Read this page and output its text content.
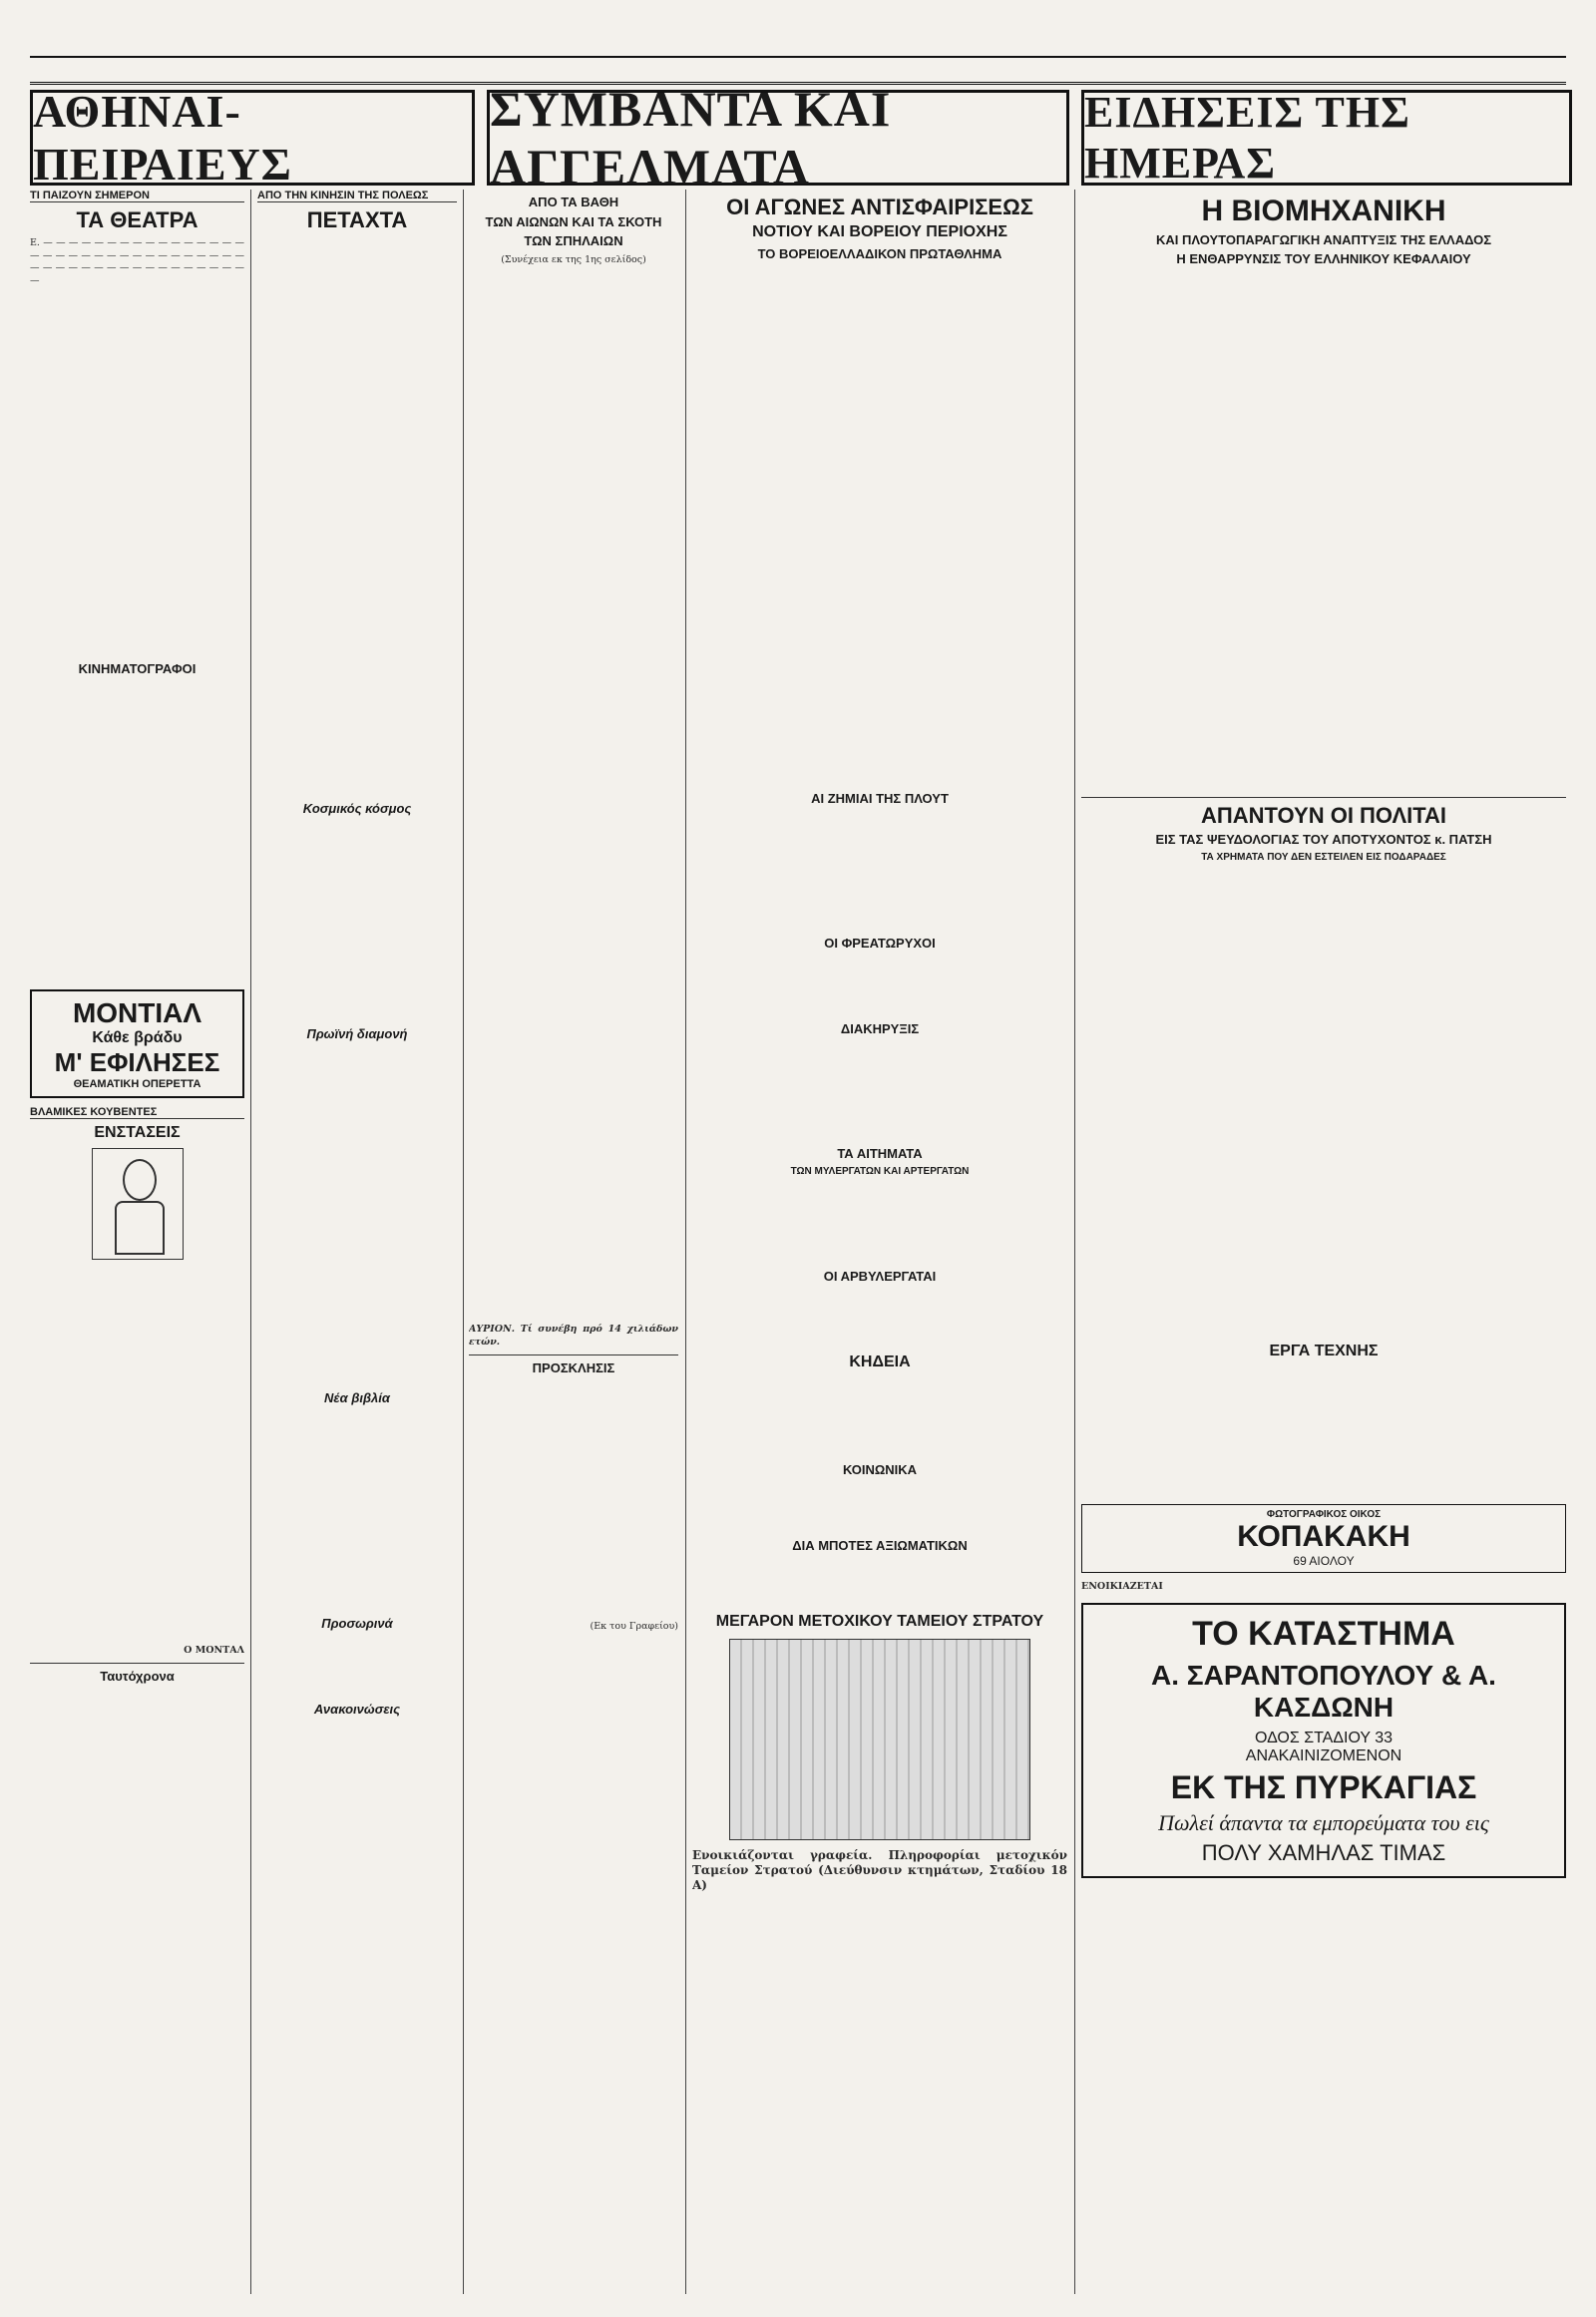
ΑΘΗΝΑΙ-ΠΕΙΡΑΙΕΥΣ
ΣΥΜΒΑΝΤΑ ΚΑΙ ΑΓΓΕΛΜΑΤΑ
ΕΙΔΗΣΕΙΣ ΤΗΣ ΗΜΕΡΑΣ
ΤΙ ΠΑΙΖΟΥΝ ΣΗΜΕΡΟΝ
ΤΑ ΘΕΑΤΡΑ

Ε. — — — — — — — — — — — — — — — — — — — — — — — — — — — — — — — — — — — — — — — — — — — — — — — — — — —

ΚΙΝΗΜΑΤΟΓΡΑΦΟΙ
ΜΟΝΤΙΑΛ
Κάθε βράδυ
Μ' ΕΦΙΛΗΣΕΣ
ΘΕΑΜΑΤΙΚΗ ΟΠΕΡΕΤΤΑ
ΒΛΑΜΙΚΕΣ ΚΟΥΒΕΝΤΕΣ
ΕΝΣΤΑΣΕΙΣ
Ο ΜΟΝΤΑΛ
Ταυτόχρονα
ΑΠΟ ΤΗΝ ΚΙΝΗΣΙΝ ΤΗΣ ΠΟΛΕΩΣ
ΠΕΤΑΧΤΑ
Κοσμικός κόσμος
Πρωϊνή διαμονή
Νέα βιβλία
Προσωρινά
Ανακοινώσεις
ΑΠΟ ΤΑ ΒΑΘΗ
ΤΩΝ ΑΙΩΝΩΝ ΚΑΙ ΤΑ ΣΚΟΤΗ
ΤΩΝ ΣΠΗΛΑΙΩΝ
(Συνέχεια εκ της 1ης σελίδος)
ΑΥΡΙΟΝ. Τί συνέβη πρό 14 χιλιάδων ετών.
ΠΡΟΣΚΛΗΣΙΣ
(Εκ του Γραφείου)
ΟΙ ΑΓΩΝΕΣ ΑΝΤΙΣΦΑΙΡΙΣΕΩΣ
ΝΟΤΙΟΥ ΚΑΙ ΒΟΡΕΙΟΥ ΠΕΡΙΟΧΗΣ
ΤΟ ΒΟΡΕΙΟΕΛΛΑΔΙΚΟΝ ΠΡΩΤΑΘΛΗΜΑ
ΑΙ ΖΗΜΙΑΙ ΤΗΣ ΠΛΟΥΤ
ΟΙ ΦΡΕΑΤΩΡΥΧΟΙ
ΔΙΑΚΗΡΥΞΙΣ
ΤΑ ΑΙΤΗΜΑΤΑ
ΤΩΝ ΜΥΛΕΡΓΑΤΩΝ ΚΑΙ ΑΡΤΕΡΓΑΤΩΝ
ΟΙ ΑΡΒΥΛΕΡΓΑΤΑΙ
ΚΗΔΕΙΑ
ΚΟΙΝΩΝΙΚΑ
ΔΙΑ ΜΠΟΤΕΣ ΑΞΙΩΜΑΤΙΚΩΝ
ΜΕΓΑΡΟΝ ΜΕΤΟΧΙΚΟΥ ΤΑΜΕΙΟΥ ΣΤΡΑΤΟΥ
Ενοικιάζονται γραφεία. Πληροφορίαι μετοχικόν Ταμείον Στρατού (Διεύθυνσιν κτημάτων, Σταδίου 18 Α)
Η ΒΙΟΜΗΧΑΝΙΚΗ
ΚΑΙ ΠΛΟΥΤΟΠΑΡΑΓΩΓΙΚΗ ΑΝΑΠΤΥΞΙΣ ΤΗΣ ΕΛΛΑΔΟΣ
Η ΕΝΘΑΡΡΥΝΣΙΣ ΤΟΥ ΕΛΛΗΝΙΚΟΥ ΚΕΦΑΛΑΙΟΥ
ΑΠΑΝΤΟΥΝ ΟΙ ΠΟΛΙΤΑΙ
ΕΙΣ ΤΑΣ ΨΕΥΔΟΛΟΓΙΑΣ ΤΟΥ ΑΠΟΤΥΧΟΝΤΟΣ κ. ΠΑΤΣΗ
ΤΑ ΧΡΗΜΑΤΑ ΠΟΥ ΔΕΝ ΕΣΤΕΙΛΕΝ ΕΙΣ ΠΟΔΑΡΑΔΕΣ
ΕΡΓΑ ΤΕΧΝΗΣ
ΦΩΤΟΓΡΑΦΙΚΟΣ ΟΙΚΟΣ
ΚΟΠΑΚΑΚΗ
69 ΑΙΟΛΟΥ
ΕΝΟΙΚΙΑΖΕΤΑΙ
ΤΟ ΚΑΤΑΣΤΗΜΑ
Α. ΣΑΡΑΝΤΟΠΟΥΛΟΥ & Α. ΚΑΣΔΩΝΗ
ΟΔΟΣ ΣΤΑΔΙΟΥ 33
ΑΝΑΚΑΙΝΙΖΟΜΕΝΟΝ
ΕΚ ΤΗΣ ΠΥΡΚΑΓΙΑΣ
Πωλεί άπαντα τα εμπορεύματα του εις
ΠΟΛΥ ΧΑΜΗΛΑΣ ΤΙΜΑΣ
